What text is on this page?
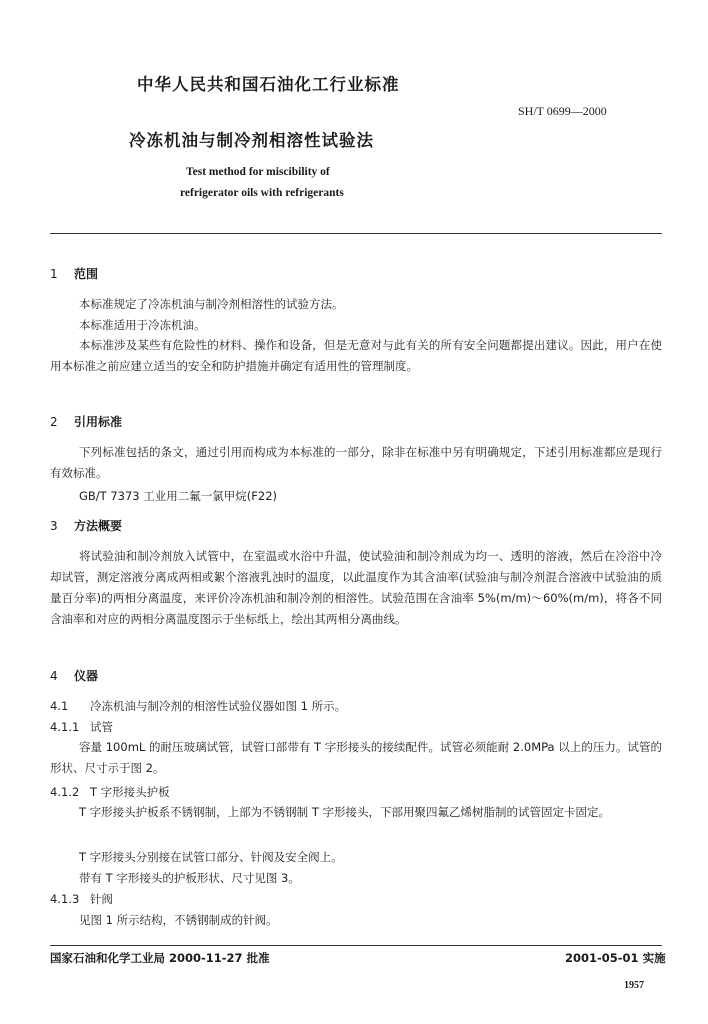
中华人民共和国石油化工行业标准
SH/T 0699—2000
冷冻机油与制冷剂相溶性试验法
Test method for miscibility of
refrigerator oils with refrigerants
1 范围
本标准规定了冷冻机油与制冷剂相溶性的试验方法。
本标准适用于冷冻机油。

本标准涉及某些有危险性的材料、操作和设备，但是无意对与此有关的所有安全问题都提出建议。因此，用户在使用本标准之前应建立适当的安全和防护措施并确定有适用性的管理制度。

2 引用标准

下列标准包括的条文，通过引用而构成为本标准的一部分，除非在标准中另有明确规定，下述引用标准都应是现行有效标准。

GB/T 7373 工业用二氟一氯甲烷(F22)
3 方法概要

将试验油和制冷剂放入试管中，在室温或水浴中升温，使试验油和制冷剂成为均一、透明的溶液，然后在冷浴中冷却试管，测定溶液分离成两相或絮个溶液乳浊时的温度，以此温度作为其含油率(试验油与制冷剂混合溶液中试验油的质量百分率)的两相分离温度，来评价冷冻机油和制冷剂的相溶性。试验范围在含油率 5%(m/m)～60%(m/m)，将各不同含油率和对应的两相分离温度图示于坐标纸上，绘出其两相分离曲线。

4 仪器
4.1 冷冻机油与制冷剂的相溶性试验仪器如图 1 所示。
4.1.1 试管

容量 100mL 的耐压玻璃试管，试管口部带有 T 字形接头的接续配件。试管必须能耐 2.0MPa 以上的压力。试管的形状、尺寸示于图 2。

4.1.2 T 字形接头护板

T 字形接头护板系不锈钢制，上部为不锈钢制 T 字形接头，下部用聚四氟乙烯树脂制的试管固定卡固定。

T 字形接头分别接在试管口部分、针阀及安全阀上。
带有 T 字形接头的护板形状、尺寸见图 3。
4.1.3 针阀
见图 1 所示结构，不锈钢制成的针阀。
国家石油和化学工业局 2000-11-27 批准	2001-05-01 实施
1957
